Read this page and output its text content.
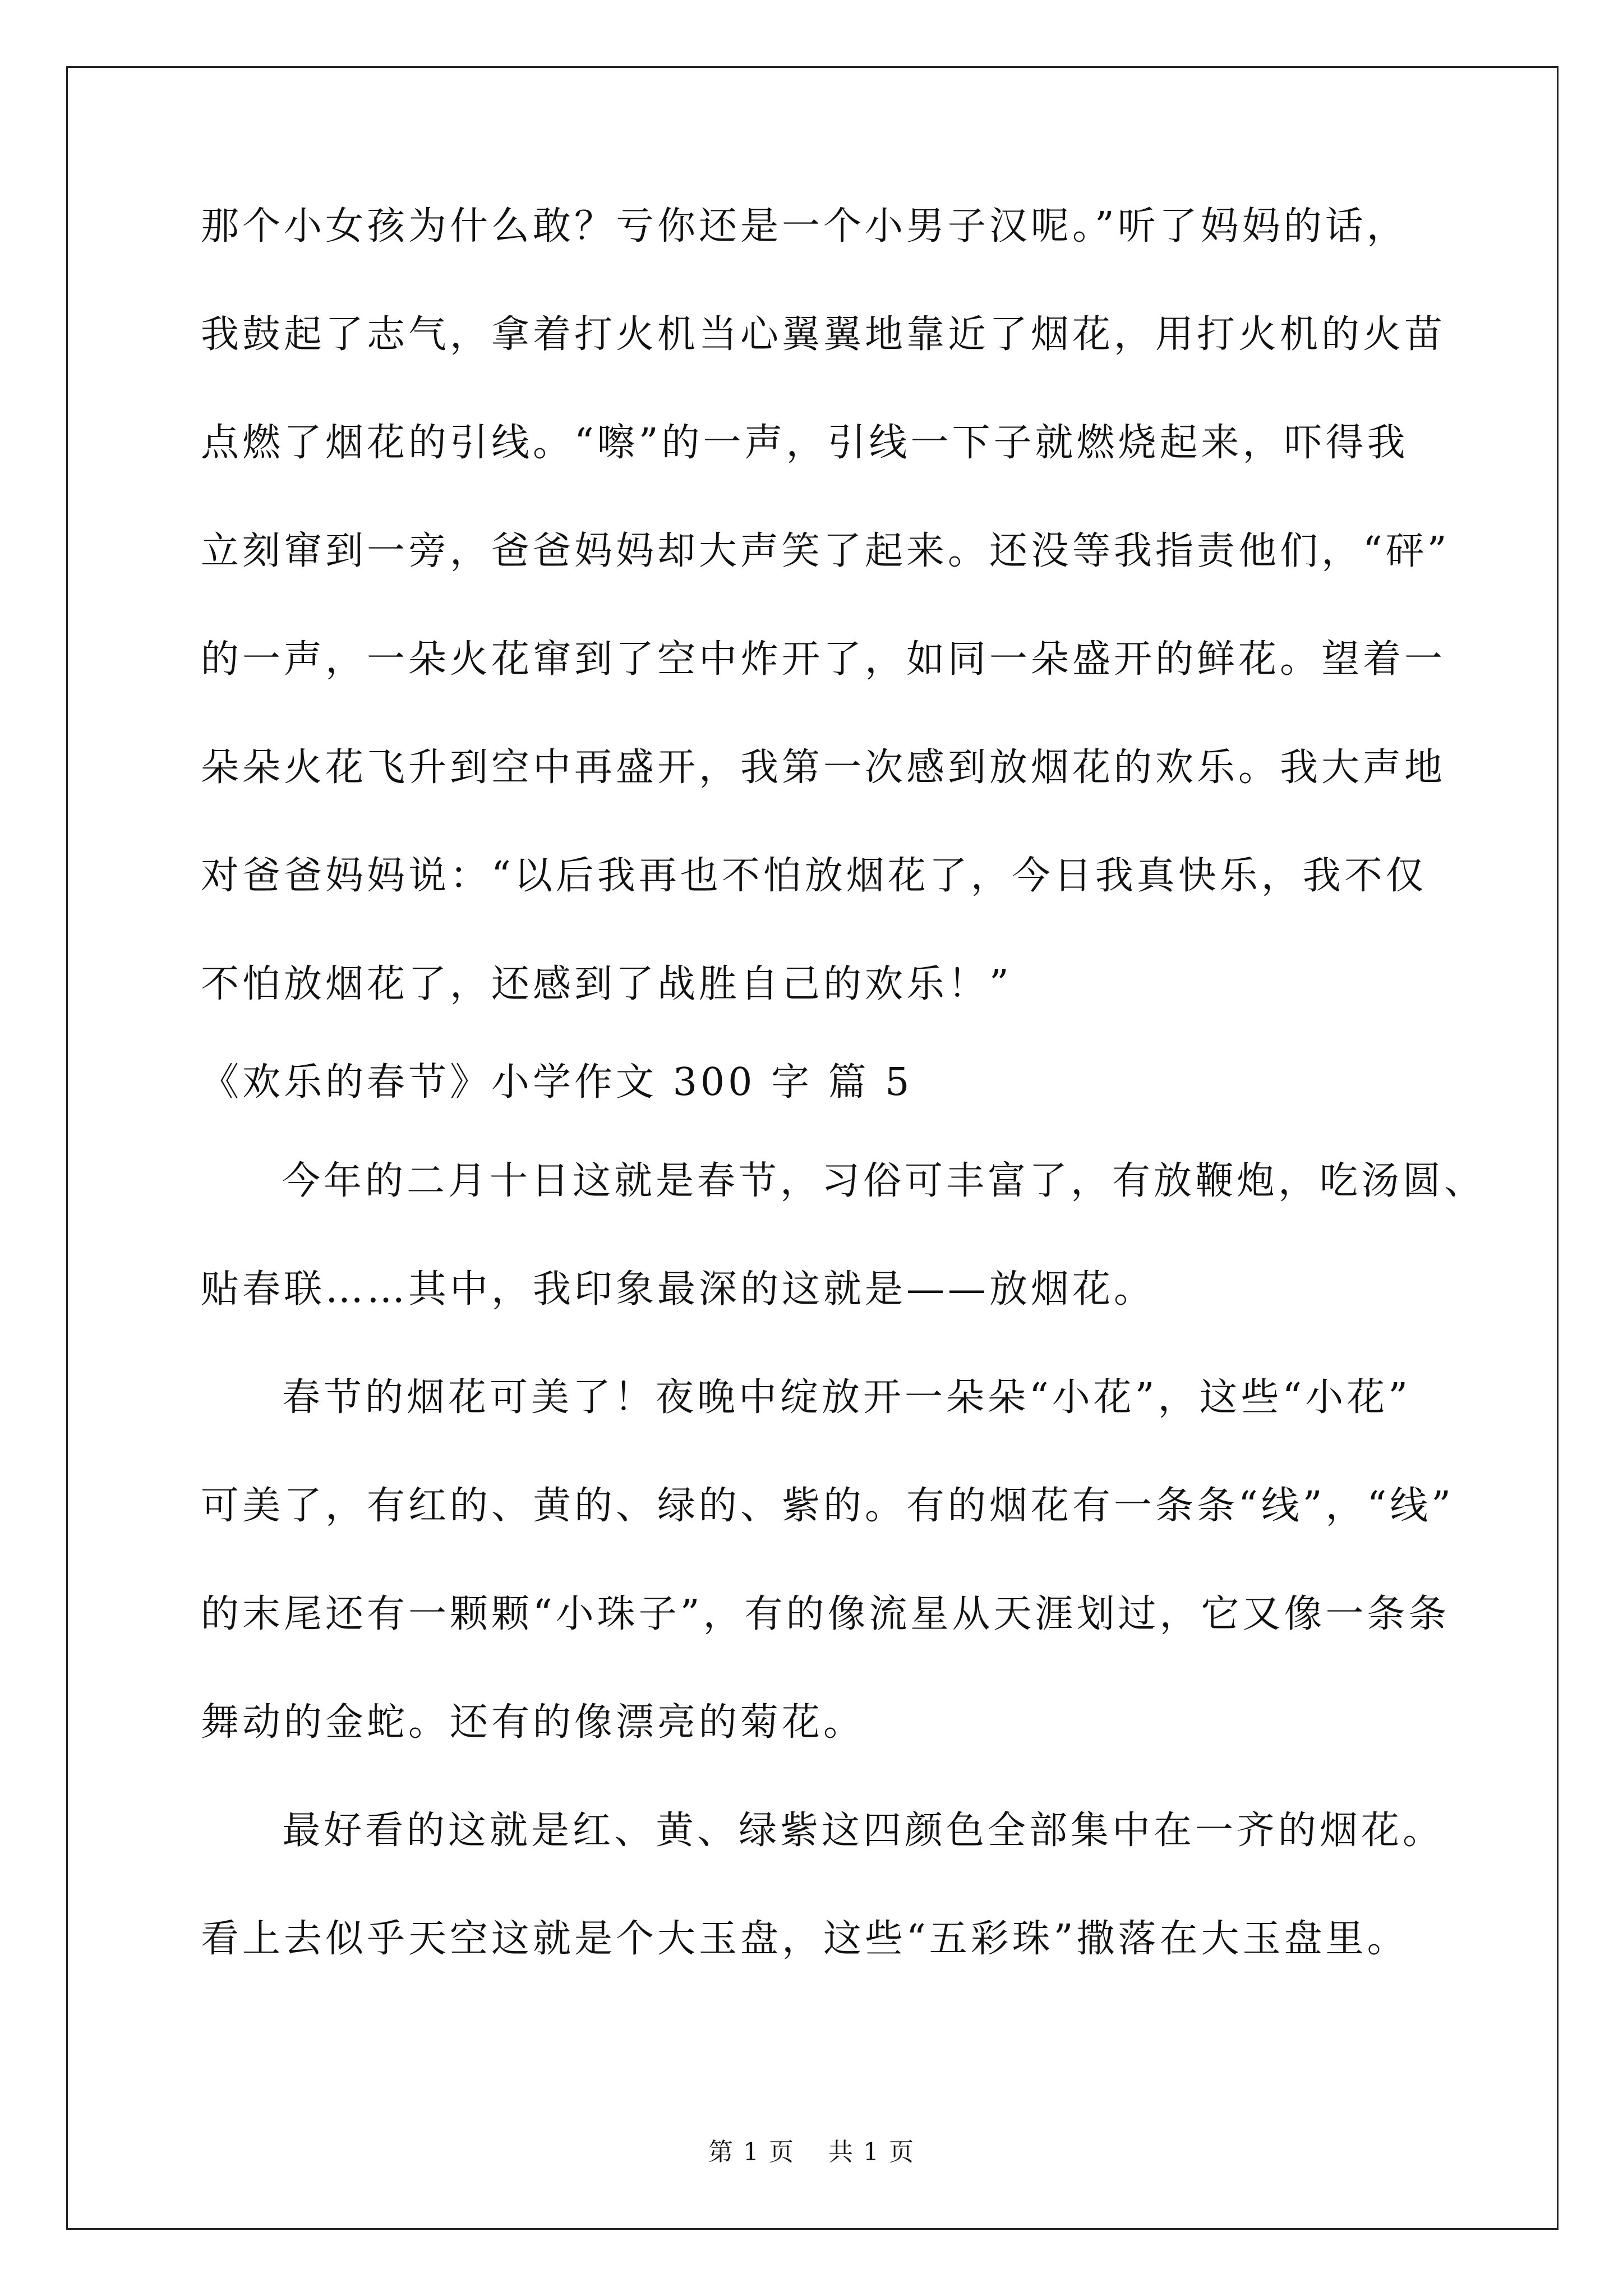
那个小女孩为什么敢？亏你还是一个小男子汉呢。”听了妈妈的话，

我鼓起了志气，拿着打火机当心翼翼地靠近了烟花，用打火机的火苗

点燃了烟花的引线。“嚓”的一声，引线一下子就燃烧起来，吓得我

立刻窜到一旁，爸爸妈妈却大声笑了起来。还没等我指责他们，“砰”

的一声，一朵火花窜到了空中炸开了，如同一朵盛开的鲜花。望着一

朵朵火花飞升到空中再盛开，我第一次感到放烟花的欢乐。我大声地

对爸爸妈妈说：“以后我再也不怕放烟花了，今日我真快乐，我不仅

不怕放烟花了，还感到了战胜自己的欢乐！”

《欢乐的春节》小学作文 300 字 篇 5

今年的二月十日这就是春节，习俗可丰富了，有放鞭炮，吃汤圆、

贴春联……其中，我印象最深的这就是——放烟花。

春节的烟花可美了！夜晚中绽放开一朵朵“小花”，这些“小花”

可美了，有红的、黄的、绿的、紫的。有的烟花有一条条“线”，“线”

的末尾还有一颗颗“小珠子”，有的像流星从天涯划过，它又像一条条

舞动的金蛇。还有的像漂亮的菊花。

最好看的这就是红、黄、绿紫这四颜色全部集中在一齐的烟花。

看上去似乎天空这就是个大玉盘，这些“五彩珠”撒落在大玉盘里。

第 1 页 共 1 页
